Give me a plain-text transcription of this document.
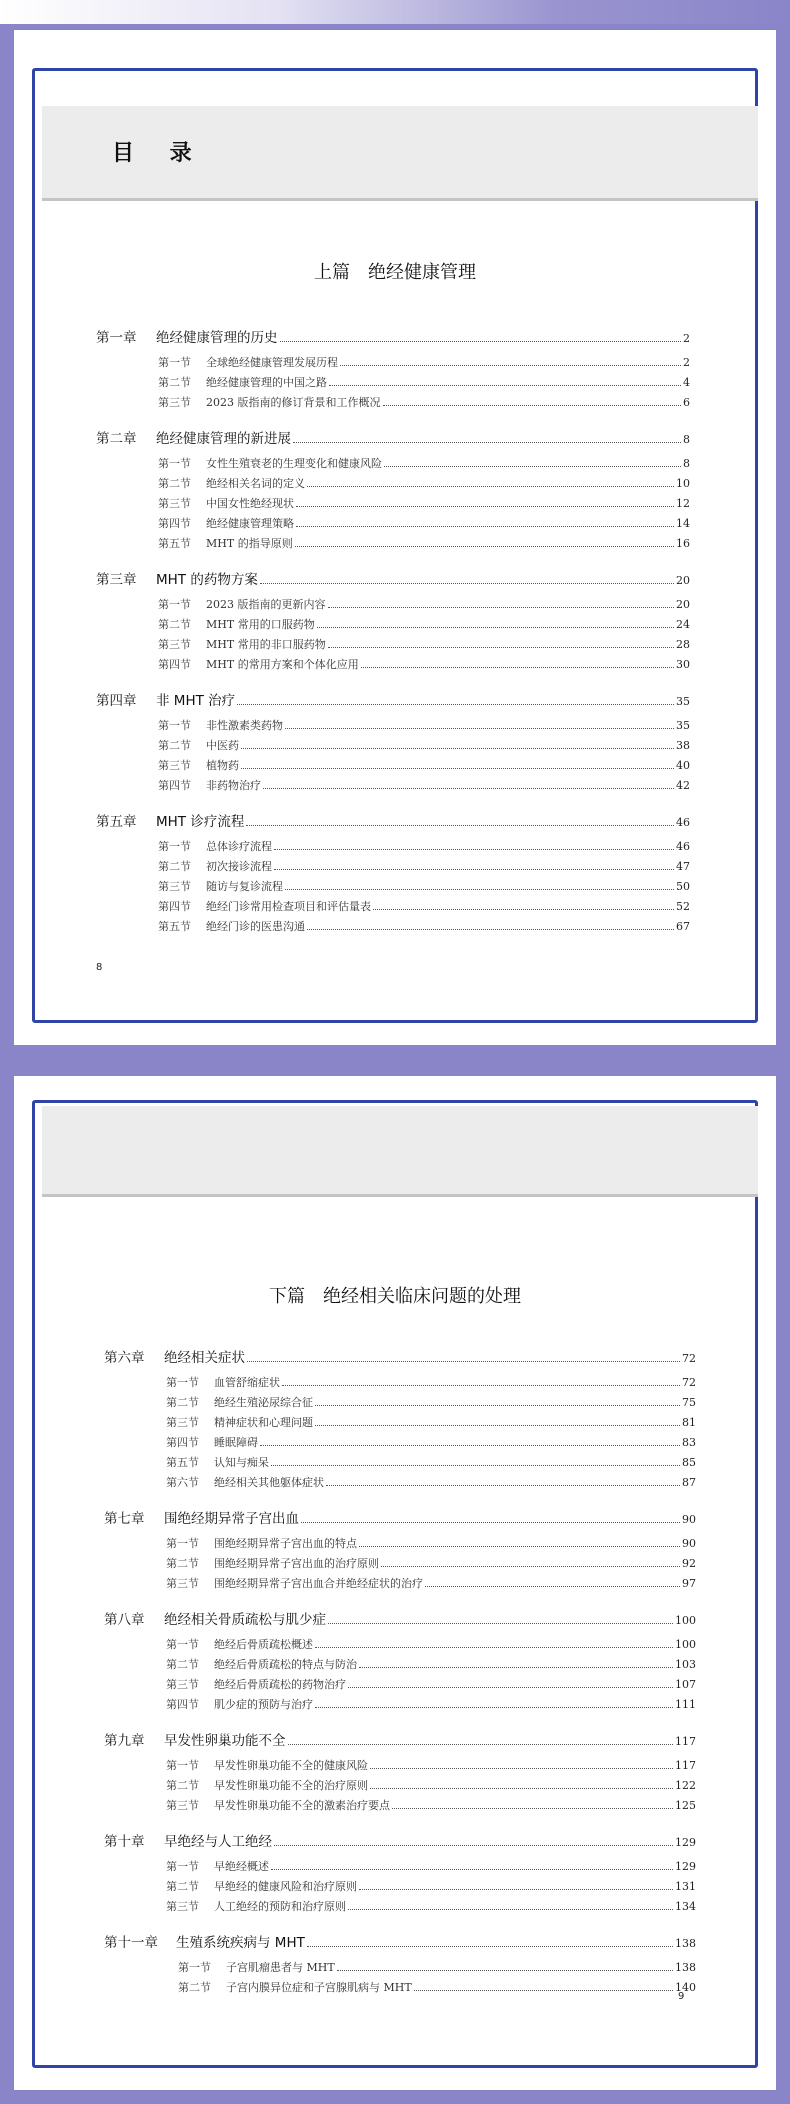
目 录
上篇　绝经健康管理
第一章	绝经健康管理的历史	2
第一节	全球绝经健康管理发展历程	2
第二节	绝经健康管理的中国之路	4
第三节	2023 版指南的修订背景和工作概况	6
第二章	绝经健康管理的新进展	8
第一节	女性生殖衰老的生理变化和健康风险	8
第二节	绝经相关名词的定义	10
第三节	中国女性绝经现状	12
第四节	绝经健康管理策略	14
第五节	MHT 的指导原则	16
第三章	MHT 的药物方案	20
第一节	2023 版指南的更新内容	20
第二节	MHT 常用的口服药物	24
第三节	MHT 常用的非口服药物	28
第四节	MHT 的常用方案和个体化应用	30
第四章	非 MHT 治疗	35
第一节	非性激素类药物	35
第二节	中医药	38
第三节	植物药	40
第四节	非药物治疗	42
第五章	MHT 诊疗流程	46
第一节	总体诊疗流程	46
第二节	初次接诊流程	47
第三节	随访与复诊流程	50
第四节	绝经门诊常用检查项目和评估量表	52
第五节	绝经门诊的医患沟通	67
8
下篇　绝经相关临床问题的处理
第六章	绝经相关症状	72
第一节	血管舒缩症状	72
第二节	绝经生殖泌尿综合征	75
第三节	精神症状和心理问题	81
第四节	睡眠障碍	83
第五节	认知与痴呆	85
第六节	绝经相关其他躯体症状	87
第七章	围绝经期异常子宫出血	90
第一节	围绝经期异常子宫出血的特点	90
第二节	围绝经期异常子宫出血的治疗原则	92
第三节	围绝经期异常子宫出血合并绝经症状的治疗	97
第八章	绝经相关骨质疏松与肌少症	100
第一节	绝经后骨质疏松概述	100
第二节	绝经后骨质疏松的特点与防治	103
第三节	绝经后骨质疏松的药物治疗	107
第四节	肌少症的预防与治疗	111
第九章	早发性卵巢功能不全	117
第一节	早发性卵巢功能不全的健康风险	117
第二节	早发性卵巢功能不全的治疗原则	122
第三节	早发性卵巢功能不全的激素治疗要点	125
第十章	早绝经与人工绝经	129
第一节	早绝经概述	129
第二节	早绝经的健康风险和治疗原则	131
第三节	人工绝经的预防和治疗原则	134
第十一章	生殖系统疾病与 MHT	138
第一节	子宫肌瘤患者与 MHT	138
第二节	子宫内膜异位症和子宫腺肌病与 MHT	140
9
